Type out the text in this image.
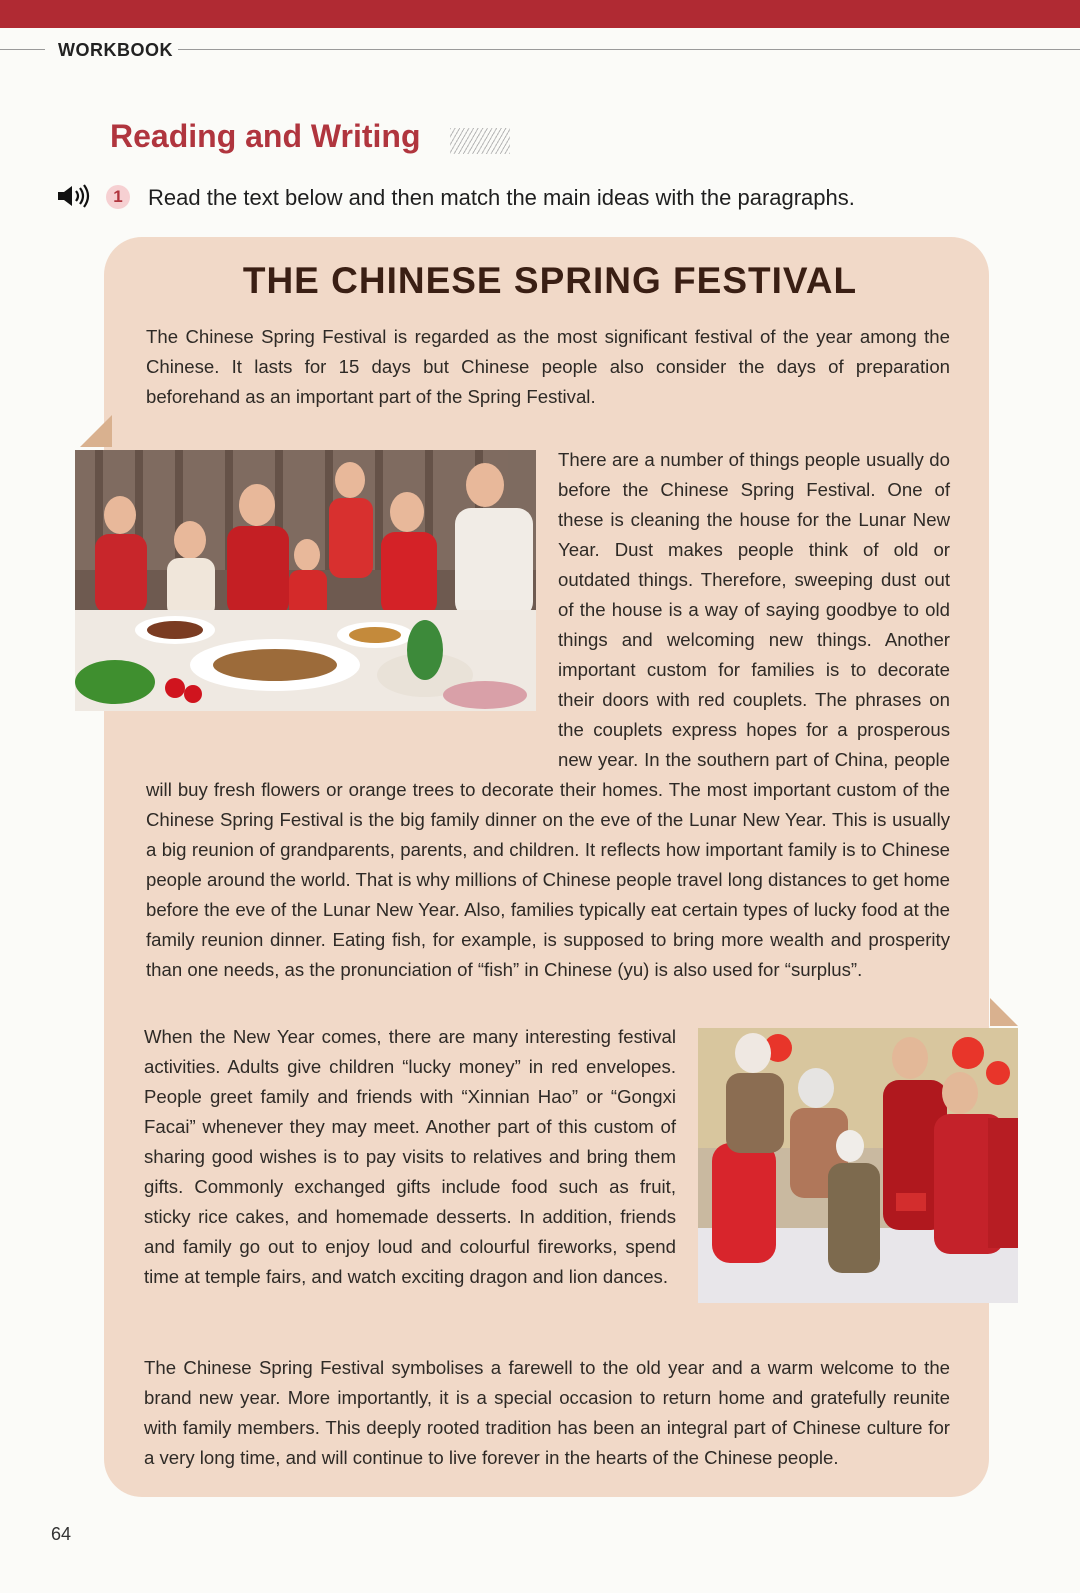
WORKBOOK
Reading and Writing
1	Read the text below and then match the main ideas with the paragraphs.
THE CHINESE SPRING FESTIVAL
The Chinese Spring Festival is regarded as the most significant festival of the year among the Chinese. It lasts for 15 days but Chinese people also consider the days of preparation beforehand as an important part of the Spring Festival.
There are a number of things people usually do before the Chinese Spring Festival. One of these is cleaning the house for the Lunar New Year. Dust makes people think of old or outdated things. Therefore, sweeping dust out of the house is a way of saying goodbye to old things and welcoming new things. Another important custom for families is to decorate their doors with red couplets. The phrases on the couplets express hopes for a prosperous new year. In the southern part of China, people will buy fresh flowers or orange trees to decorate their homes. The most important custom of the Chinese Spring Festival is the big family dinner on the eve of the Lunar New Year. This is usually a big reunion of grandparents, parents, and children. It reflects how important family is to Chinese people around the world. That is why millions of Chinese people travel long distances to get home before the eve of the Lunar New Year. Also, families typically eat certain types of lucky food at the family reunion dinner. Eating fish, for example, is supposed to bring more wealth and prosperity than one needs, as the pronunciation of “fish” in Chinese (yu) is also used for “surplus”.
When the New Year comes, there are many interesting festival activities. Adults give children “lucky money” in red envelopes. People greet family and friends with “Xinnian Hao” or “Gongxi Facai” whenever they may meet. Another part of this custom of sharing good wishes is to pay visits to relatives and bring them gifts. Commonly exchanged gifts include food such as fruit, sticky rice cakes, and homemade desserts. In addition, friends and family go out to enjoy loud and colourful fireworks, spend time at temple fairs, and watch exciting dragon and lion dances.
The Chinese Spring Festival symbolises a farewell to the old year and a warm welcome to the brand new year. More importantly, it is a special occasion to return home and gratefully reunite with family members. This deeply rooted tradition has been an integral part of Chinese culture for a very long time, and will continue to live forever in the hearts of the Chinese people.
64
